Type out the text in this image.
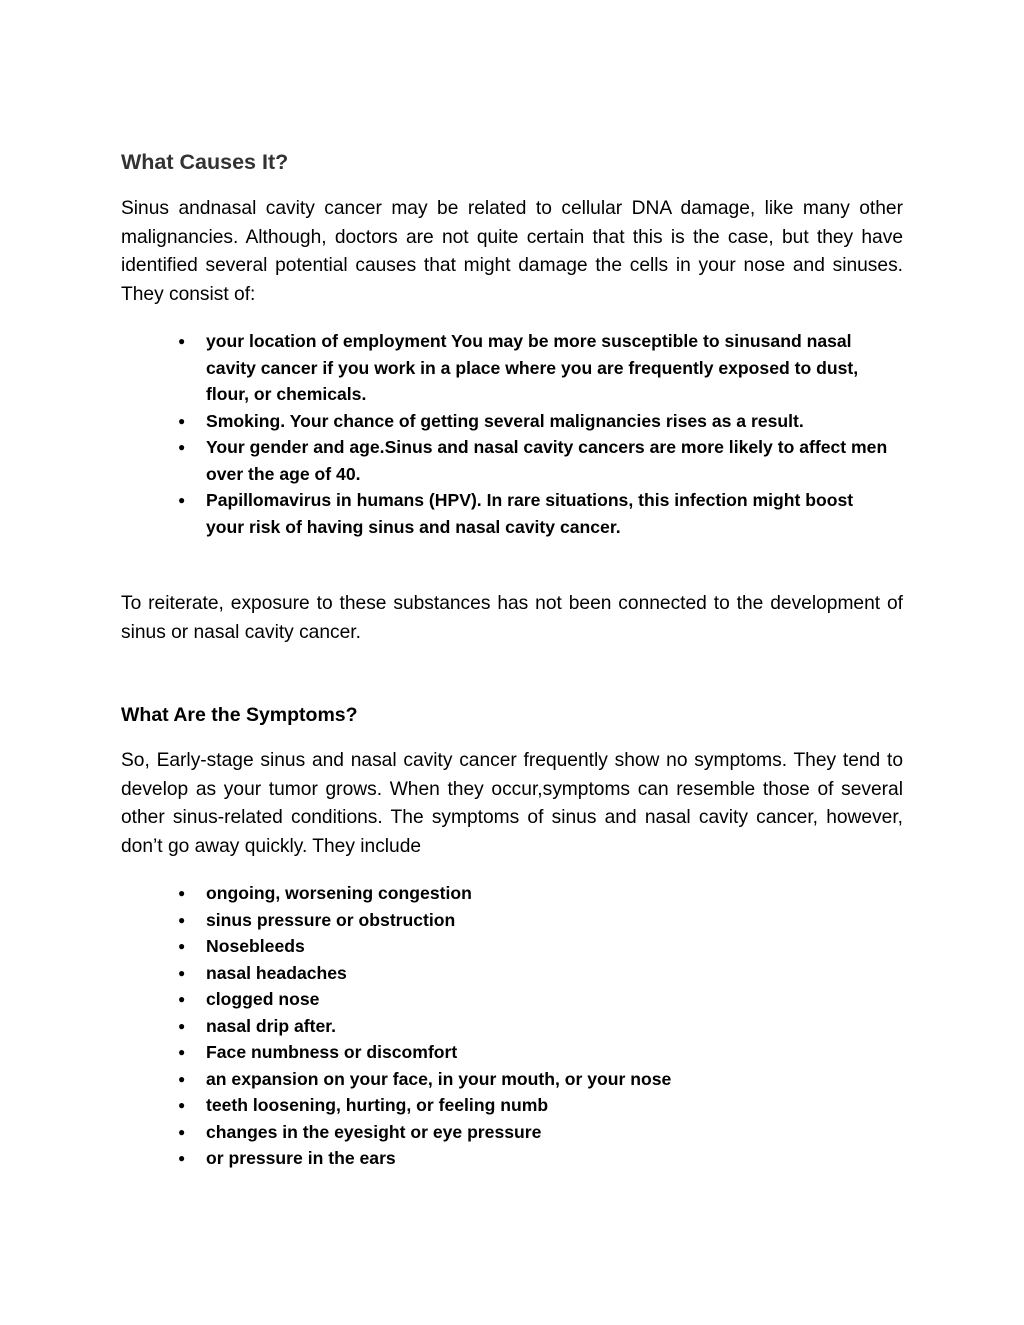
What Causes It?

Sinus andnasal cavity cancer may be related to cellular DNA damage, like many other malignancies. Although, doctors are not quite certain that this is the case, but they have identified several potential causes that might damage the cells in your nose and sinuses. They consist of:

● your location of employment You may be more susceptible to sinusand nasal cavity cancer if you work in a place where you are frequently exposed to dust, flour, or chemicals.
● Smoking. Your chance of getting several malignancies rises as a result.
● Your gender and age.Sinus and nasal cavity cancers are more likely to affect men over the age of 40.
● Papillomavirus in humans (HPV). In rare situations, this infection might boost your risk of having sinus and nasal cavity cancer.

To reiterate, exposure to these substances has not been connected to the development of sinus or nasal cavity cancer.

What Are the Symptoms?

So, Early-stage sinus and nasal cavity cancer frequently show no symptoms. They tend to develop as your tumor grows. When they occur,symptoms can resemble those of several other sinus-related conditions. The symptoms of sinus and nasal cavity cancer, however, don’t go away quickly. They include

● ongoing, worsening congestion
● sinus pressure or obstruction
● Nosebleeds
● nasal headaches
● clogged nose
● nasal drip after.
● Face numbness or discomfort
● an expansion on your face, in your mouth, or your nose
● teeth loosening, hurting, or feeling numb
● changes in the eyesight or eye pressure
● or pressure in the ears
